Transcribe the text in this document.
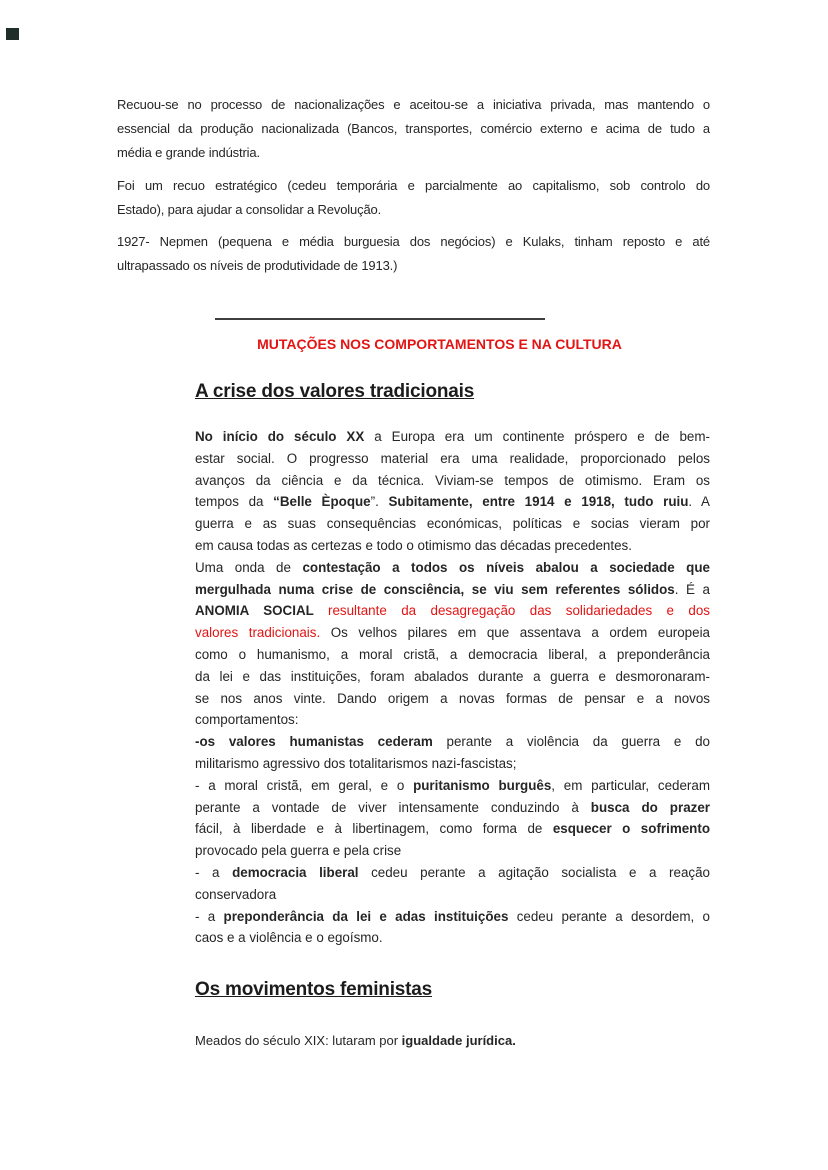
Recuou-se no processo de nacionalizações e aceitou-se a iniciativa privada, mas mantendo o
essencial da produção nacionalizada (Bancos, transportes, comércio externo e acima de tudo a
média e grande indústria.
Foi um recuo estratégico (cedeu temporária e parcialmente ao capitalismo, sob controlo do
Estado), para ajudar a consolidar a Revolução.
1927- Nepmen (pequena e média burguesia dos negócios) e Kulaks, tinham reposto e até
ultrapassado os níveis de produtividade de 1913.)
MUTAÇÕES NOS COMPORTAMENTOS E NA CULTURA
A crise dos valores tradicionais
No início do século XX a Europa era um continente próspero e de bem-
estar social. O progresso material era uma realidade, proporcionado pelos
avanços da ciência e da técnica. Viviam-se tempos de otimismo. Eram os
tempos da “Belle Èpoque”. Subitamente, entre 1914 e 1918, tudo ruiu. A
guerra e as suas consequências económicas, políticas e socias vieram por
em causa todas as certezas e todo o otimismo das décadas precedentes.
Uma onda de contestação a todos os níveis abalou a sociedade que
mergulhada numa crise de consciência, se viu sem referentes sólidos. É a
ANOMIA SOCIAL resultante da desagregação das solidariedades e dos
valores tradicionais. Os velhos pilares em que assentava a ordem europeia
como o humanismo, a moral cristã, a democracia liberal, a preponderância
da lei e das instituições, foram abalados durante a guerra e desmoronaram-
se nos anos vinte. Dando origem a novas formas de pensar e a novos
comportamentos:
-os valores humanistas cederam perante a violência da guerra e do
militarismo agressivo dos totalitarismos nazi-fascistas;
- a moral cristã, em geral, e o puritanismo burguês, em particular, cederam
perante a vontade de viver intensamente conduzindo à busca do prazer
fácil, à liberdade e à libertinagem, como forma de esquecer o sofrimento
provocado pela guerra e pela crise
- a democracia liberal cedeu perante a agitação socialista e a reação
conservadora
- a preponderância da lei e adas instituições cedeu perante a desordem, o
caos e a violência e o egoísmo.
Os movimentos feministas
Meados do século XIX: lutaram por igualdade jurídica.
